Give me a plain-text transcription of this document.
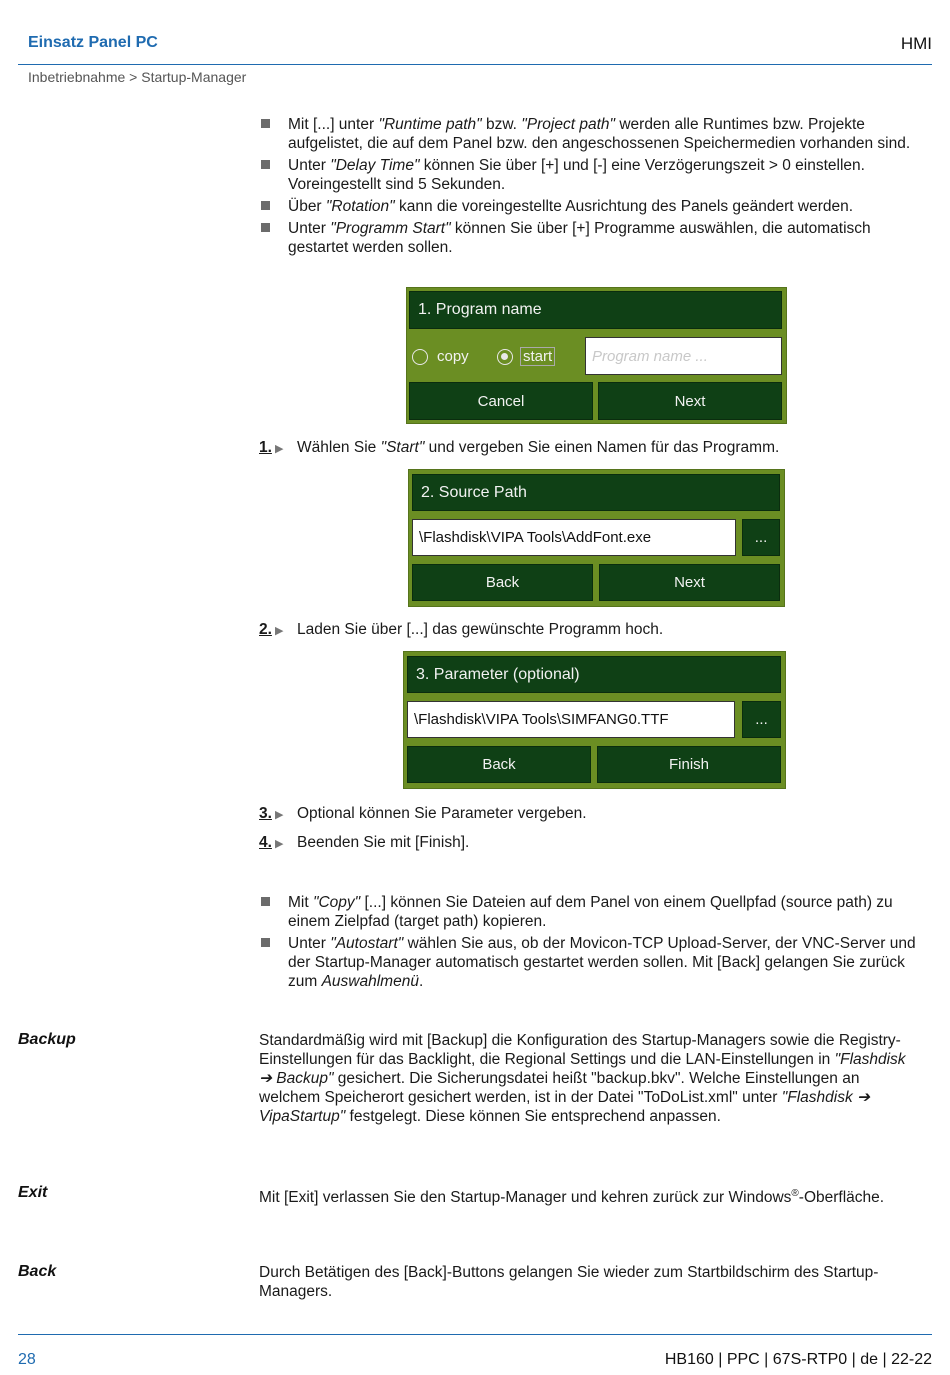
Einsatz Panel PC	HMI
Inbetriebnahme > Startup-Manager
Mit [...] unter "Runtime path" bzw. "Project path" werden alle Runtimes bzw. Projekte aufgelistet, die auf dem Panel bzw. den angeschossenen Speichermedien vorhanden sind.
Unter "Delay Time" können Sie über [+] und [-] eine Verzögerungszeit > 0 einstellen. Voreingestellt sind 5 Sekunden.
Über "Rotation" kann die voreingestellte Ausrichtung des Panels geändert werden.
Unter "Programm Start" können Sie über [+] Programme auswählen, die automatisch gestartet werden sollen.
1. Program name
copy	start	Program name ...
Cancel	Next
1. ▶ Wählen Sie "Start" und vergeben Sie einen Namen für das Programm.
2. Source Path
\Flashdisk\VIPA Tools\AddFont.exe	...
Back	Next
2. ▶ Laden Sie über [...] das gewünschte Programm hoch.
3. Parameter (optional)
\Flashdisk\VIPA Tools\SIMFANG0.TTF	...
Back	Finish
3. ▶ Optional können Sie Parameter vergeben.
4. ▶ Beenden Sie mit [Finish].
Mit "Copy" [...] können Sie Dateien auf dem Panel von einem Quellpfad (source path) zu einem Zielpfad (target path) kopieren.
Unter "Autostart" wählen Sie aus, ob der Movicon-TCP Upload-Server, der VNC-Server und der Startup-Manager automatisch gestartet werden sollen. Mit [Back] gelangen Sie zurück zum Auswahlmenü.
Backup	Standardmäßig wird mit [Backup] die Konfiguration des Startup-Managers sowie die Registry-Einstellungen für das Backlight, die Regional Settings und die LAN-Einstellungen in "Flashdisk ➔ Backup" gesichert. Die Sicherungsdatei heißt "backup.bkv". Welche Einstellungen an welchem Speicherort gesichert werden, ist in der Datei "ToDoList.xml" unter "Flashdisk ➔ VipaStartup" festgelegt. Diese können Sie entsprechend anpassen.
Exit	Mit [Exit] verlassen Sie den Startup-Manager und kehren zurück zur Windows®-Oberfläche.
Back	Durch Betätigen des [Back]-Buttons gelangen Sie wieder zum Startbildschirm des Startup-Managers.
28	HB160 | PPC | 67S-RTP0 | de | 22-22
